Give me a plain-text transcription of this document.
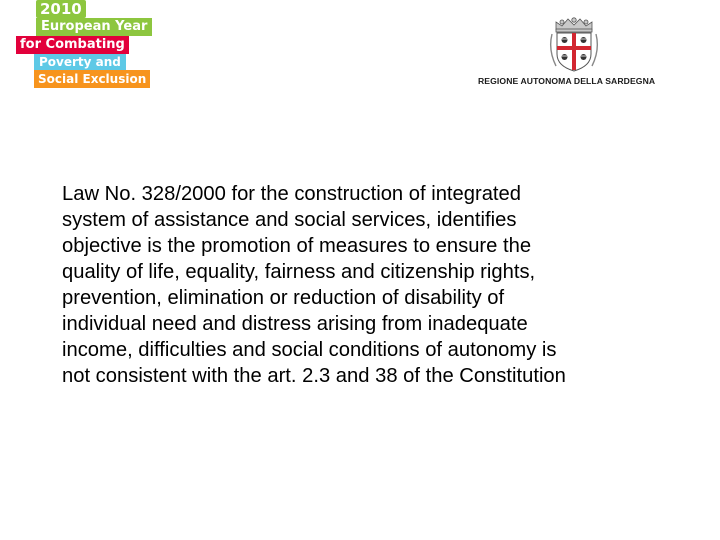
2010
European Year
for Combating
Poverty and
Social Exclusion	REGIONE AUTONOMA DELLA SARDEGNA

Law No. 328/2000 for the construction of integrated
system of assistance and social services, identifies
objective is the promotion of measures to ensure the
quality of life, equality, fairness and citizenship rights,
prevention, elimination or reduction of disability of
individual need and distress arising from inadequate
income, difficulties and social conditions of autonomy is
not consistent with the art. 2.3 and 38 of the Constitution
